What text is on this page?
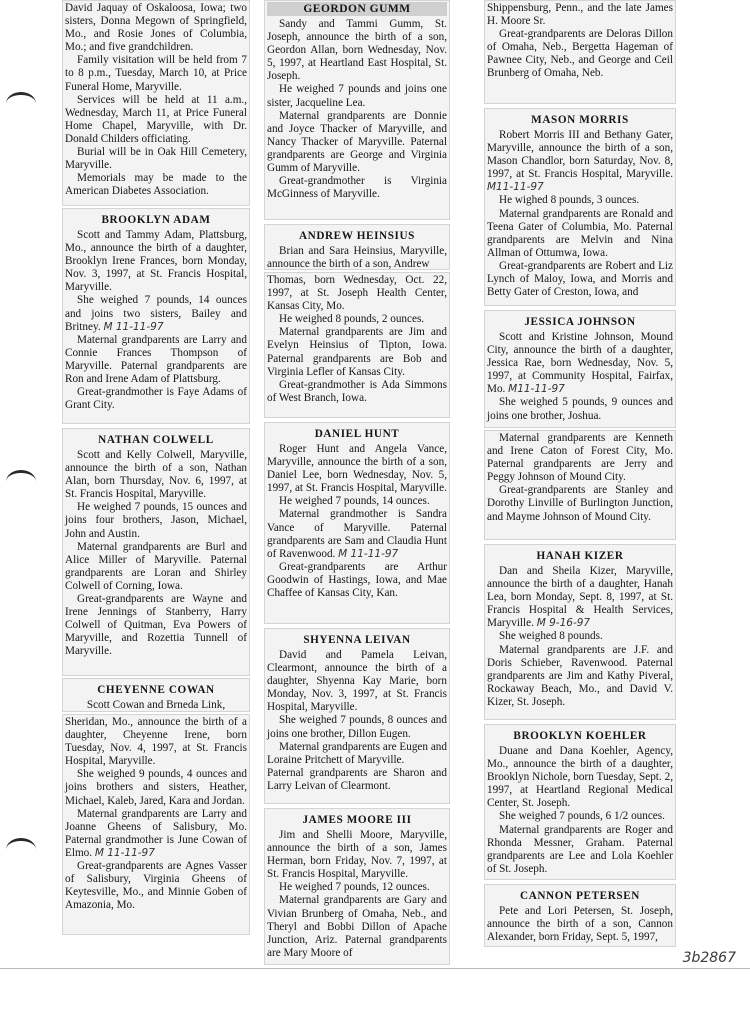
David Jaquay of Oskaloosa, Iowa; two sisters, Donna Megown of Springfield, Mo., and Rosie Jones of Columbia, Mo.; and five grandchildren.

Family visitation will be held from 7 to 8 p.m., Tuesday, March 10, at Price Funeral Home, Maryville.

Services will be held at 11 a.m., Wednesday, March 11, at Price Funeral Home Chapel, Maryville, with Dr. Donald Childers officiating.

Burial will be in Oak Hill Cemetery, Maryville.

Memorials may be made to the American Diabetes Association.

BROOKLYN ADAM

Scott and Tammy Adam, Plattsburg, Mo., announce the birth of a daughter, Brooklyn Irene Frances, born Monday, Nov. 3, 1997, at St. Francis Hospital, Maryville.

She weighed 7 pounds, 14 ounces and joins two sisters, Bailey and Britney. M 11-11-97

Maternal grandparents are Larry and Connie Frances Thompson of Maryville. Paternal grandparents are Ron and Irene Adam of Plattsburg.

Great-grandmother is Faye Adams of Grant City.

NATHAN COLWELL

Scott and Kelly Colwell, Maryville, announce the birth of a son, Nathan Alan, born Thursday, Nov. 6, 1997, at St. Francis Hospital, Maryville.

He weighed 7 pounds, 15 ounces and joins four brothers, Jason, Michael, John and Austin.

Maternal grandparents are Burl and Alice Miller of Maryville. Paternal grandparents are Loran and Shirley Colwell of Corning, Iowa.

Great-grandparents are Wayne and Irene Jennings of Stanberry, Harry Colwell of Quitman, Eva Powers of Maryville, and Rozettia Tunnell of Maryville.

CHEYENNE COWAN

Scott Cowan and Brneda Link,

Sheridan, Mo., announce the birth of a daughter, Cheyenne Irene, born Tuesday, Nov. 4, 1997, at St. Francis Hospital, Maryville.

She weighed 9 pounds, 4 ounces and joins brothers and sisters, Heather, Michael, Kaleb, Jared, Kara and Jordan.

Maternal grandparents are Larry and Joanne Gheens of Salisbury, Mo. Paternal grandmother is June Cowan of Elmo. M 11-11-97

Great-grandparents are Agnes Vasser of Salisbury, Virginia Gheens of Keytesville, Mo., and Minnie Goben of Amazonia, Mo.

GEORDON GUMM

Sandy and Tammi Gumm, St. Joseph, announce the birth of a son, Geordon Allan, born Wednesday, Nov. 5, 1997, at Heartland East Hospital, St. Joseph.

He weighed 7 pounds and joins one sister, Jacqueline Lea.

Maternal grandparents are Donnie and Joyce Thacker of Maryville, and Nancy Thacker of Maryville. Paternal grandparents are George and Virginia Gumm of Maryville.

Great-grandmother is Virginia McGinness of Maryville.

ANDREW HEINSIUS

Brian and Sara Heinsius, Maryville, announce the birth of a son, Andrew

Thomas, born Wednesday, Oct. 22, 1997, at St. Joseph Health Center, Kansas City, Mo.

He weighed 8 pounds, 2 ounces.

Maternal grandparents are Jim and Evelyn Heinsius of Tipton, Iowa. Paternal grandparents are Bob and Virginia Lefler of Kansas City.

Great-grandmother is Ada Simmons of West Branch, Iowa.

DANIEL HUNT

Roger Hunt and Angela Vance, Maryville, announce the birth of a son, Daniel Lee, born Wednesday, Nov. 5, 1997, at St. Francis Hospital, Maryville.

He weighed 7 pounds, 14 ounces.

Maternal grandmother is Sandra Vance of Maryville. Paternal grandparents are Sam and Claudia Hunt of Ravenwood. M 11-11-97

Great-grandparents are Arthur Goodwin of Hastings, Iowa, and Mae Chaffee of Kansas City, Kan.

SHYENNA LEIVAN

David and Pamela Leivan, Clearmont, announce the birth of a daughter, Shyenna Kay Marie, born Monday, Nov. 3, 1997, at St. Francis Hospital, Maryville.

She weighed 7 pounds, 8 ounces and joins one brother, Dillon Eugen.

Maternal grandparents are Eugen and Loraine Pritchett of Maryville.

Paternal grandparents are Sharon and Larry Leivan of Clearmont.

JAMES MOORE III

Jim and Shelli Moore, Maryville, announce the birth of a son, James Herman, born Friday, Nov. 7, 1997, at St. Francis Hospital, Maryville.

He weighed 7 pounds, 12 ounces.

Maternal grandparents are Gary and Vivian Brunberg of Omaha, Neb., and Theryl and Bobbi Dillon of Apache Junction, Ariz. Paternal grandparents are Mary Moore of

Shippensburg, Penn., and the late James H. Moore Sr.

Great-grandparents are Deloras Dillon of Omaha, Neb., Bergetta Hageman of Pawnee City, Neb., and George and Ceil Brunberg of Omaha, Neb.

MASON MORRIS

Robert Morris III and Bethany Gater, Maryville, announce the birth of a son, Mason Chandlor, born Saturday, Nov. 8, 1997, at St. Francis Hospital, Maryville. M11-11-97

He wighed 8 pounds, 3 ounces.

Maternal grandparents are Ronald and Teena Gater of Columbia, Mo. Paternal grandparents are Melvin and Nina Allman of Ottumwa, Iowa.

Great-grandparents are Robert and Liz Lynch of Maloy, Iowa, and Morris and Betty Gater of Creston, Iowa, and

JESSICA JOHNSON

Scott and Kristine Johnson, Mound City, announce the birth of a daughter, Jessica Rae, born Wednesday, Nov. 5, 1997, at Community Hospital, Fairfax, Mo. M11-11-97

She weighed 5 pounds, 9 ounces and joins one brother, Joshua.

Maternal grandparents are Kenneth and Irene Caton of Forest City, Mo. Paternal grandparents are Jerry and Peggy Johnson of Mound City.

Great-grandparents are Stanley and Dorothy Linville of Burlington Junction, and Mayme Johnson of Mound City.

HANAH KIZER

Dan and Sheila Kizer, Maryville, announce the birth of a daughter, Hanah Lea, born Monday, Sept. 8, 1997, at St. Francis Hospital & Health Services, Maryville. M 9-16-97

She weighed 8 pounds.

Maternal grandparents are J.F. and Doris Schieber, Ravenwood. Paternal grandparents are Jim and Kathy Piveral, Rockaway Beach, Mo., and David V. Kizer, St. Joseph.

BROOKLYN KOEHLER

Duane and Dana Koehler, Agency, Mo., announce the birth of a daughter, Brooklyn Nichole, born Tuesday, Sept. 2, 1997, at Heartland Regional Medical Center, St. Joseph.

She weighed 7 pounds, 6 1/2 ounces.

Maternal grandparents are Roger and Rhonda Messner, Graham. Paternal grandparents are Lee and Lola Koehler of St. Joseph.

CANNON PETERSEN

Pete and Lori Petersen, St. Joseph, announce the birth of a son, Cannon Alexander, born Friday, Sept. 5, 1997,

3b2867
